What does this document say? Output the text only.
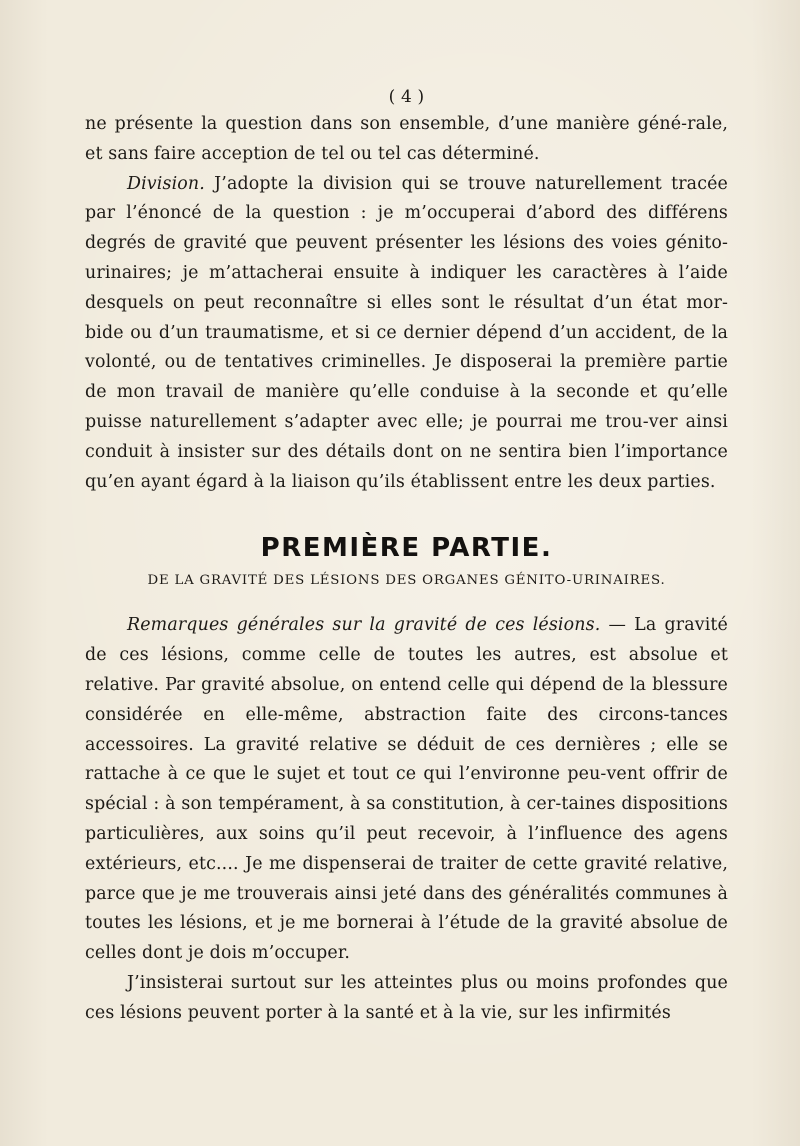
( 4 )

ne présente la question dans son ensemble, d’une manière géné-rale, et sans faire acception de tel ou tel cas déterminé.

Division. J’adopte la division qui se trouve naturellement tracée par l’énoncé de la question : je m’occuperai d’abord des différens degrés de gravité que peuvent présenter les lésions des voies génito-urinaires; je m’attacherai ensuite à indiquer les caractères à l’aide desquels on peut reconnaître si elles sont le résultat d’un état mor-bide ou d’un traumatisme, et si ce dernier dépend d’un accident, de la volonté, ou de tentatives criminelles. Je disposerai la première partie de mon travail de manière qu’elle conduise à la seconde et qu’elle puisse naturellement s’adapter avec elle; je pourrai me trou-ver ainsi conduit à insister sur des détails dont on ne sentira bien l’importance qu’en ayant égard à la liaison qu’ils établissent entre les deux parties.

PREMIÈRE PARTIE.
DE LA GRAVITÉ DES LÉSIONS DES ORGANES GÉNITO-URINAIRES.

Remarques générales sur la gravité de ces lésions. — La gravité de ces lésions, comme celle de toutes les autres, est absolue et relative. Par gravité absolue, on entend celle qui dépend de la blessure considérée en elle-même, abstraction faite des circons-tances accessoires. La gravité relative se déduit de ces dernières ; elle se rattache à ce que le sujet et tout ce qui l’environne peu-vent offrir de spécial : à son tempérament, à sa constitution, à cer-taines dispositions particulières, aux soins qu’il peut recevoir, à l’influence des agens extérieurs, etc.... Je me dispenserai de traiter de cette gravité relative, parce que je me trouverais ainsi jeté dans des généralités communes à toutes les lésions, et je me bornerai à l’étude de la gravité absolue de celles dont je dois m’occuper.

J’insisterai surtout sur les atteintes plus ou moins profondes que ces lésions peuvent porter à la santé et à la vie, sur les infirmités
